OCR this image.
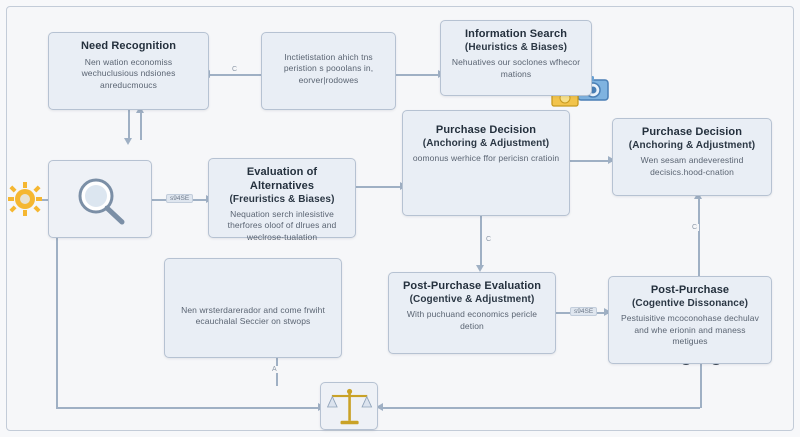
C
s94SE
C
s94SE
C
A
Need Recognition
Nen wation economiss wechuclusious ndsiones anreducmoucs
Inctietistation ahich tns peristion s pooolans in, eorver|rodowes
Information Search
(Heuristics & Biases)
Nehuatives our soclones wfhecor mations
Evaluation of Alternatives
(Freuristics & Biases)
Nequation serch inlesistive therfores oloof of dlrues and weclrose-tualation
Purchase Decision
(Anchoring & Adjustment)
oomonus werhice ffor pericisn cratioin
Purchase Decision
(Anchoring & Adjustment)
Wen sesam andeverestind decisics.hood-cnation
Post-Purchase Evaluation
(Cogentive & Adjustment)
With puchuand economics pericle detion
Post-Purchase
(Cogentive Dissonance)
Pestuisitive mcoconohase dechulav and whe erionin and maness metigues
Nen wrsterdarerador and come frwiht ecauchalal Seccier on stwops
